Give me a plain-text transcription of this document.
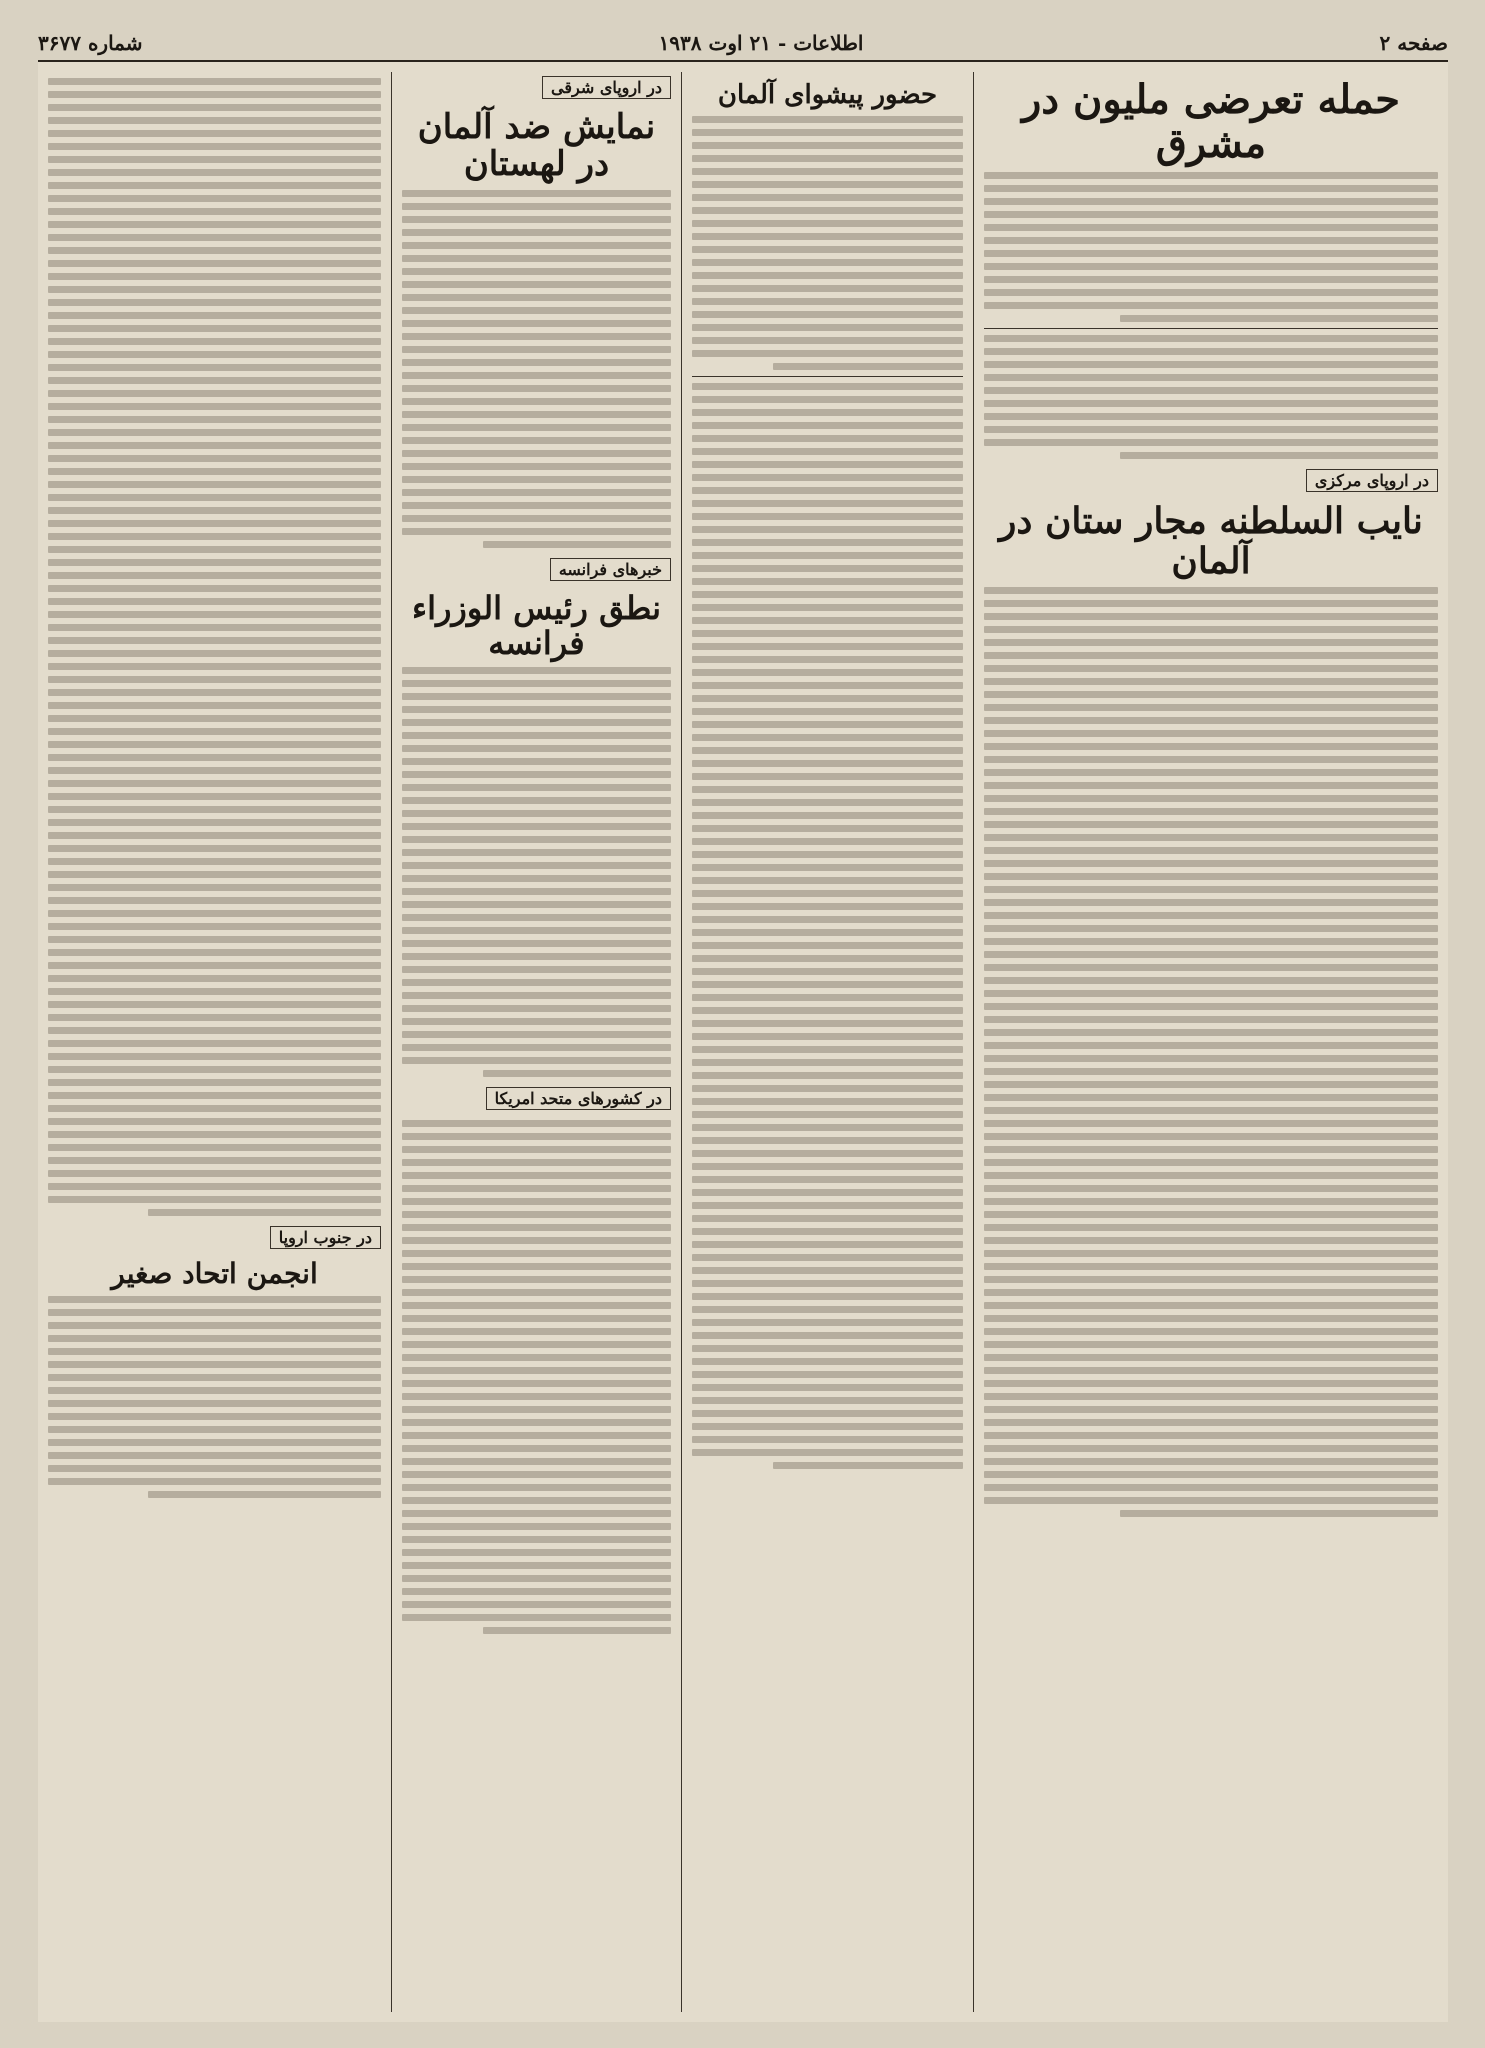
صفحه ۲
اطلاعات - ۲۱ اوت ۱۹۳۸
شماره ۳۶۷۷
حمله تعرضی ملیون در مشرق
در اروپای مرکزی
نایب السلطنه مجار ستان در آلمان
حضور پیشوای آلمان
در اروپای شرقی
نمایش ضد آلمان در لهستان
خبرهای فرانسه
نطق رئیس الوزراء فرانسه
در کشورهای متحد امریکا
در جنوب اروپا
انجمن اتحاد صغیر
